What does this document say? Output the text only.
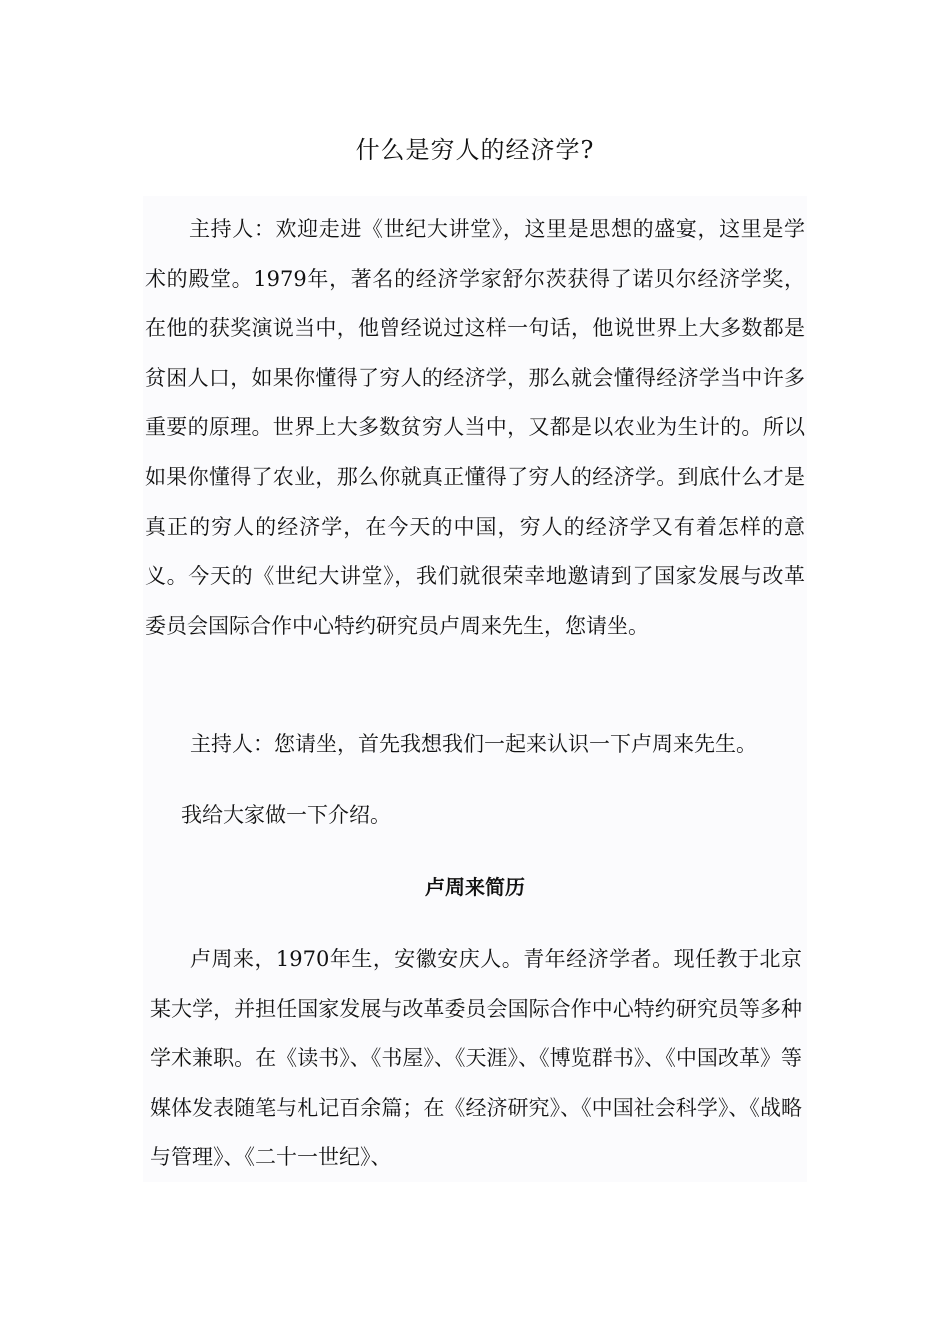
什么是穷人的经济学?

主持人：欢迎走进《世纪大讲堂》，这里是思想的盛宴，这里是学术的殿堂。1979年，著名的经济学家舒尔茨获得了诺贝尔经济学奖，在他的获奖演说当中，他曾经说过这样一句话，他说世界上大多数都是贫困人口，如果你懂得了穷人的经济学，那么就会懂得经济学当中许多重要的原理。世界上大多数贫穷人当中，又都是以农业为生计的。所以如果你懂得了农业，那么你就真正懂得了穷人的经济学。到底什么才是真正的穷人的经济学，在今天的中国，穷人的经济学又有着怎样的意义。今天的《世纪大讲堂》，我们就很荣幸地邀请到了国家发展与改革委员会国际合作中心特约研究员卢周来先生，您请坐。

主持人：您请坐，首先我想我们一起来认识一下卢周来先生。
我给大家做一下介绍。
卢周来简历

卢周来，1970年生，安徽安庆人。青年经济学者。现任教于北京某大学，并担任国家发展与改革委员会国际合作中心特约研究员等多种学术兼职。在《读书》、《书屋》、《天涯》、《博览群书》、《中国改革》等媒体发表随笔与札记百余篇；在《经济研究》、《中国社会科学》、《战略与管理》、《二十一世纪》、
